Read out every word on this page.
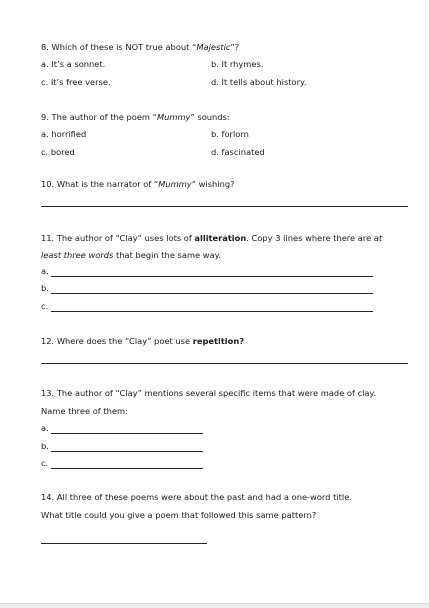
8. Which of these is NOT true about “Majestic”?
a. It’s a sonnet.	b. It rhymes.
c. It’s free verse.	d. It tells about history.
9. The author of the poem “Mummy” sounds:
a. horrified	b. forlorn
c. bored	d. fascinated
10. What is the narrator of “Mummy” wishing?
11. The author of “Clay” uses lots of alliteration. Copy 3 lines where there are at
least three words that begin the same way.
a.
b.
c.
12. Where does the “Clay” poet use repetition?
13. The author of “Clay” mentions several specific items that were made of clay.
Name three of them:
a.
b.
c.
14. All three of these poems were about the past and had a one-word title.
What title could you give a poem that followed this same pattern?
